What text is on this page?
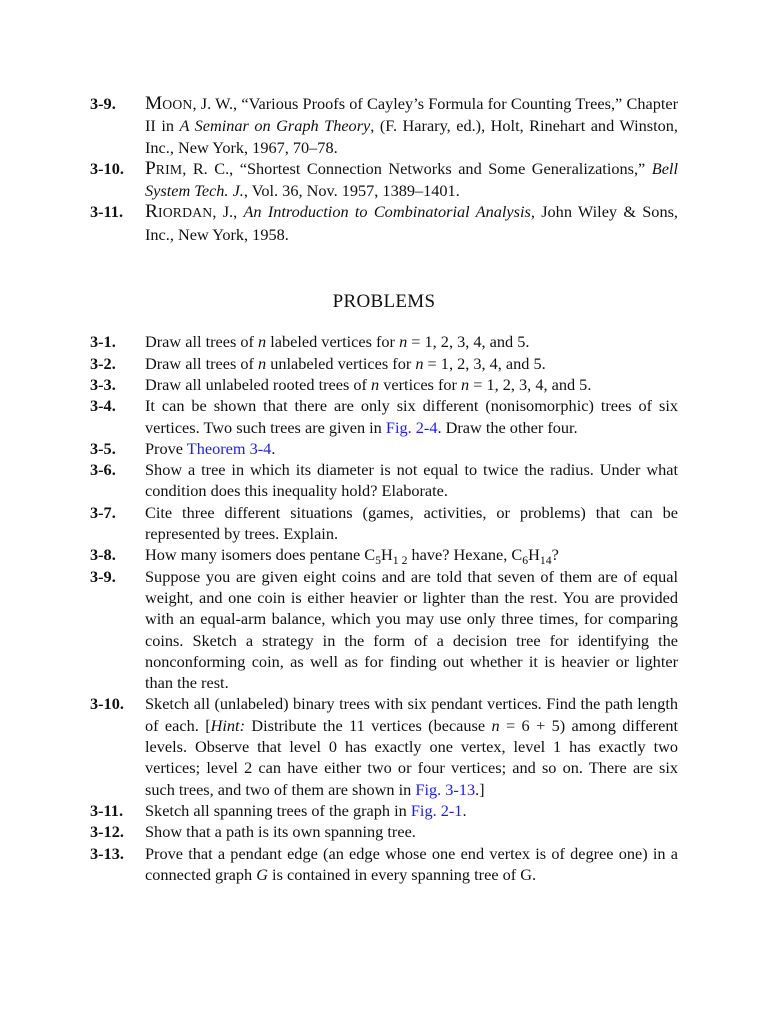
3-9.	MOON, J. W., “Various Proofs of Cayley’s Formula for Counting Trees,” Chapter II in A Seminar on Graph Theory, (F. Harary, ed.), Holt, Rinehart and Winston, Inc., New York, 1967, 70–78.
3-10.	PRIM, R. C., “Shortest Connection Networks and Some Generalizations,” Bell System Tech. J., Vol. 36, Nov. 1957, 1389–1401.
3-11.	RIORDAN, J., An Introduction to Combinatorial Analysis, John Wiley & Sons, Inc., New York, 1958.
PROBLEMS
3-1.	Draw all trees of n labeled vertices for n = 1, 2, 3, 4, and 5.
3-2.	Draw all trees of n unlabeled vertices for n = 1, 2, 3, 4, and 5.
3-3.	Draw all unlabeled rooted trees of n vertices for n = 1, 2, 3, 4, and 5.
3-4.	It can be shown that there are only six different (nonisomorphic) trees of six vertices. Two such trees are given in Fig. 2-4. Draw the other four.
3-5.	Prove Theorem 3-4.
3-6.	Show a tree in which its diameter is not equal to twice the radius. Under what condition does this inequality hold? Elaborate.
3-7.	Cite three different situations (games, activities, or problems) that can be represented by trees. Explain.
3-8.	How many isomers does pentane $C_5H_{1 2}$ have? Hexane, $C_6H_{14}$?
3-9.	Suppose you are given eight coins and are told that seven of them are of equal weight, and one coin is either heavier or lighter than the rest. You are provided with an equal-arm balance, which you may use only three times, for comparing coins. Sketch a strategy in the form of a decision tree for identifying the nonconforming coin, as well as for finding out whether it is heavier or lighter than the rest.
3-10.	Sketch all (unlabeled) binary trees with six pendant vertices. Find the path length of each. [Hint: Distribute the 11 vertices (because n = 6 + 5) among different levels. Observe that level 0 has exactly one vertex, level 1 has exactly two vertices; level 2 can have either two or four vertices; and so on. There are six such trees, and two of them are shown in Fig. 3-13.]
3-11.	Sketch all spanning trees of the graph in Fig. 2-1.
3-12.	Show that a path is its own spanning tree.
3-13.	Prove that a pendant edge (an edge whose one end vertex is of degree one) in a connected graph G is contained in every spanning tree of G.
